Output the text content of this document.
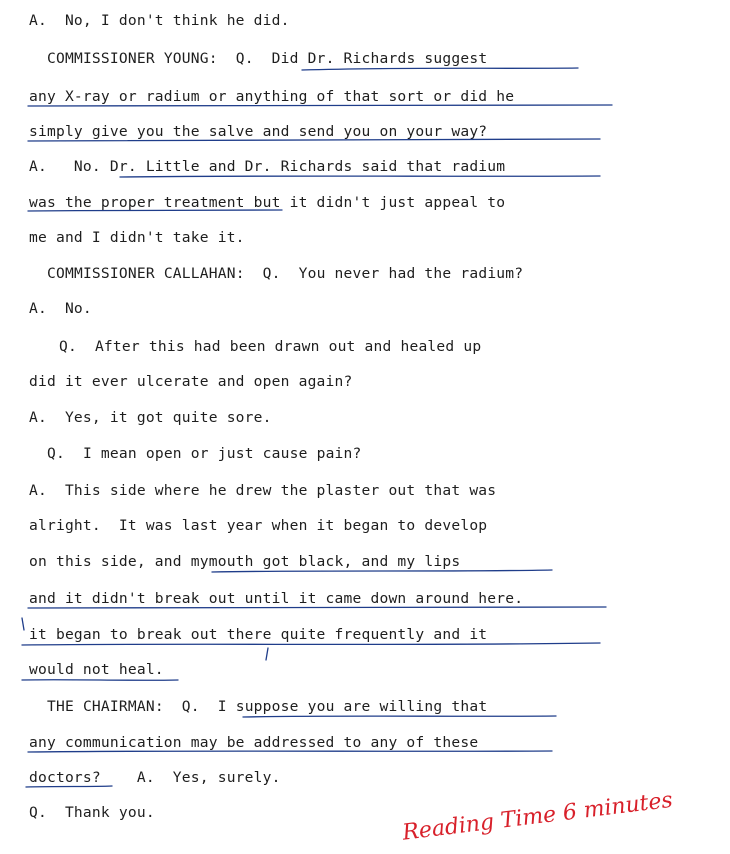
A.  No, I don't think he did.
COMMISSIONER YOUNG:  Q.  Did Dr. Richards suggest
any X-ray or radium or anything of that sort or did he
simply give you the salve and send you on your way?
A.   No. Dr. Little and Dr. Richards said that radium
was the proper treatment but it didn't just appeal to
me and I didn't take it.
COMMISSIONER CALLAHAN:  Q.  You never had the radium?
A.  No.
Q.  After this had been drawn out and healed up
did it ever ulcerate and open again?
A.  Yes, it got quite sore.
Q.  I mean open or just cause pain?
A.  This side where he drew the plaster out that was
alright.  It was last year when it began to develop
on this side, and mymouth got black, and my lips
and it didn't break out until it came down around here.
it began to break out there quite frequently and it
would not heal.
THE CHAIRMAN:  Q.  I suppose you are willing that
any communication may be addressed to any of these
doctors?    A.  Yes, surely.
Q.  Thank you.	Reading Time 6 minutes
